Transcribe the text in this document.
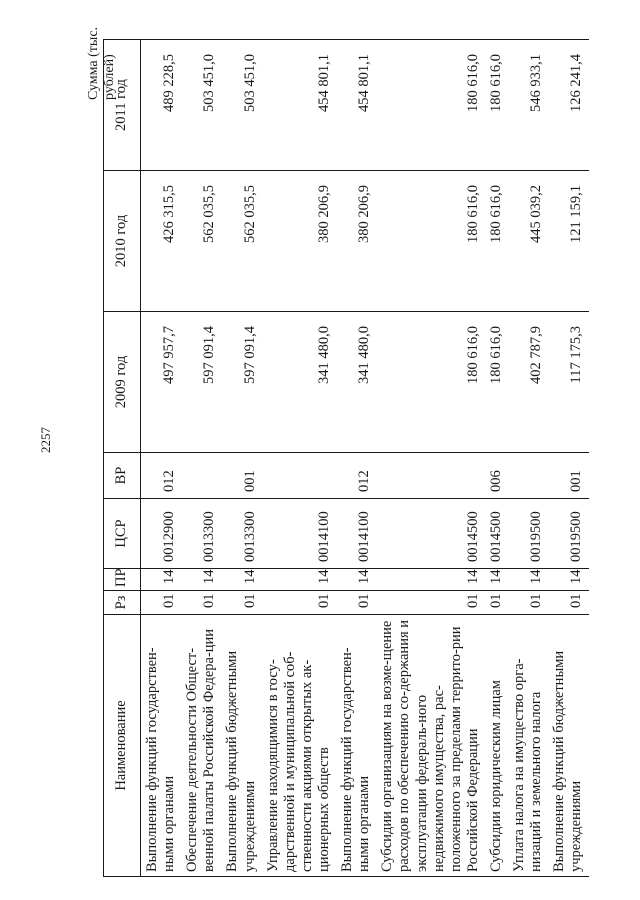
2257
Сумма (тыс. рублей)
Наименование	Рз	ПР	ЦСР	ВР	2009 год	2010 год	2011 год
Выполнение функций государствен-ными органами	01	14	0012900	012	497 957,7	426 315,5	489 228,5
Обеспечение деятельности Общест-венной палаты Российской Федера-ции	01	14	0013300		597 091,4	562 035,5	503 451,0
Выполнение функций бюджетными учреждениями	01	14	0013300	001	597 091,4	562 035,5	503 451,0
Управление находящимися в госу-дарственной и муниципальной соб-ственности акциями открытых ак-ционерных обществ	01	14	0014100		341 480,0	380 206,9	454 801,1
Выполнение функций государствен-ными органами	01	14	0014100	012	341 480,0	380 206,9	454 801,1
Субсидии организациям на возме-щение расходов по обеспечению со-держания и эксплуатации федераль-ного недвижимого имущества, рас-положенного за пределами террито-рии Российской Федерации	01	14	0014500		180 616,0	180 616,0	180 616,0
Субсидии юридическим лицам	01	14	0014500	006	180 616,0	180 616,0	180 616,0
Уплата налога на имущество орга-низаций и земельного налога	01	14	0019500		402 787,9	445 039,2	546 933,1
Выполнение функций бюджетными учреждениями	01	14	0019500	001	117 175,3	121 159,1	126 241,4
